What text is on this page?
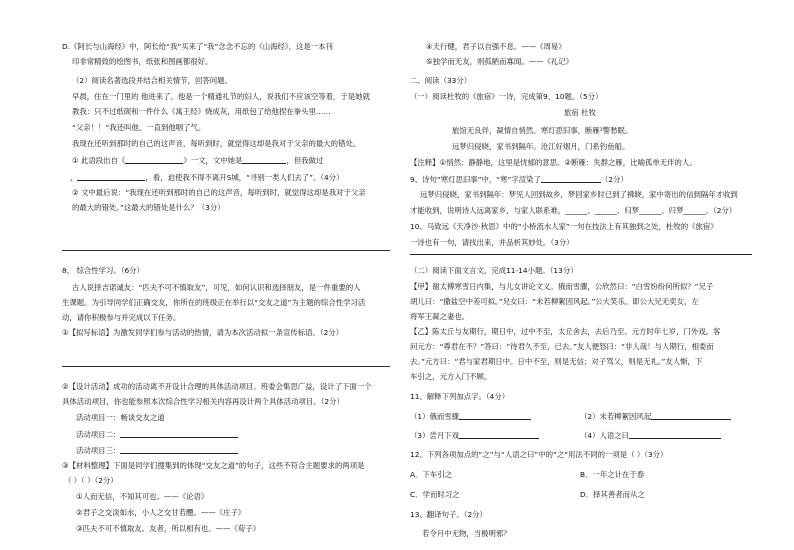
D.《阿长与山海经》中，阿长给“我”买来了“我”念念不忘的《山海经》，这是一本刊

印非常精致的绘图书，纸张和图画都很好。

（2）阅读名著选段并结合相关情节，回答问题。

早晨，住在一门里的 他进来了。他是一个精通礼节的妇人，说我们不应该空等着，于是她就

教我：只不过纸砚和一件什么《寓王经》烧成灰，用纸包了给他捏在拳头里……

“父亲！！”我还叫他，一直到他咽了气。

我现在还听到那时的自己的这声音，每听到时，就觉得这却是我对于父亲的最大的错处。

① 此语段出自《	》一文，文中她是	，但我做过

，	，看，迫使我不得不离开S城，“寻别一类人们去了”。（4分）

② 文中最后说：“我现在还听到那时的自己的这声音，每听到时，就觉得这却是我对于父亲

的最大的错处。”这最大的错处是什么？（3分）

8、 综合性学习。（6分）

古人说择吉诺诚友：“匹夫不可不慎取友”，可见，如何认识和选择朋友，是一件重要的人

生课题。为引导同学们正确交友，你所在的班级正在举行以“交友之道”为主题的综合性学习活

动，请你积极参与并完成以下任务。

①【拟写标语】为激发同学们参与活动的热情，请为本次活动拟一条宣传标语。（2分）

②【设计活动】成功的活动离不开设计合理的具体活动项目。班委会集思广益，设计了下面一个

具体活动项目，你也能参照本次综合性学习相关内容再设计两个具体活动项目。（2分）

活动项目一：畅谈交友之道

活动项目二：

活动项目三：

③【材料整理】下面是同学们搜集到的体现“交友之道”的句子，这些不符合主题要求的两项是

（ ）（ ）（2分）

①人而无信，不知其可也。——《论语》

②君子之交淡如水，小人之交甘若醴。——《庄子》

③匹夫不可不慎取友。友者，所以相有也。——《荀子》

④天行健，君子以自强不息。——《周易》

⑤独学而无友，则孤陋而寡闻。——《礼记》

二、阅读（33分）

（一）阅读杜牧的《旅宿》一诗，完成第9、10题。（5分）

旅宿 杜牧

旅馆无良伴，凝情自悄然。寒灯思旧事，断雁²警愁眠。

远梦归侵晓，家书到隔年。沧江好烟月，门系钓鱼船。

【注释】①悄然：静静地，这里是忧郁的意思。②断雁：失群之雁，比喻孤单无伴的人。

9、诗句“寒灯思旧事”中，“寒”字渲染了	（2分）

远梦归侵晓，家书到隔年：梦见人回到故乡，梦回家乡时已到了拂晓，家中寄出的信到隔年才收到

才能收到，说明诗人远离家乡，与家人联系难，______、______、归梦______、归梦______。（2分）

10、马致远《天净沙·秋思》中的“小桥流水人家”一句在技法上有其独到之处，杜牧的《旅宿》

一诗也有一句，请找出来，并品析其妙处。（3分）

（二）阅读下面文言文，完成11-14小题。（13分）

【甲】谢太傅寒雪日内集，与儿女讲论文义。俄而雪骤，公欣然曰：“白雪纷纷何所似？”兄子

胡儿曰：“撒盐空中差可拟。”兄女曰：“未若柳絮因风起。”公大笑乐。即公大兄无奕女，左

将军王凝之妻也。

【乙】陈太丘与友期行，期日中，过中不至，太丘舍去，去后乃至。元方时年七岁，门外戏。客

问元方：“尊君在不？”答曰：“待君久不至，已去。”友人便怒曰：“非人哉！与人期行，相委而

去。”元方曰：“君与家君期日中。日中不至，则是无信；对子骂父，则是无礼。”友人惭，下

车引之，元方入门不顾。

11、解释下列加点字。（4分）

（1）俄而雪骤	（2）未若柳絮因风起

（3）尝月下戏	（4）人语之曰

12、下列各项加点的“之”与“人语之曰”中的“之”用法不同的一项是（ ）（3分）

A．下车引之	B．一年之计在于春

C．学而时习之	D．择其善者而从之

13、翻译句子。（2分）

若令月中无物，当极明邪？
